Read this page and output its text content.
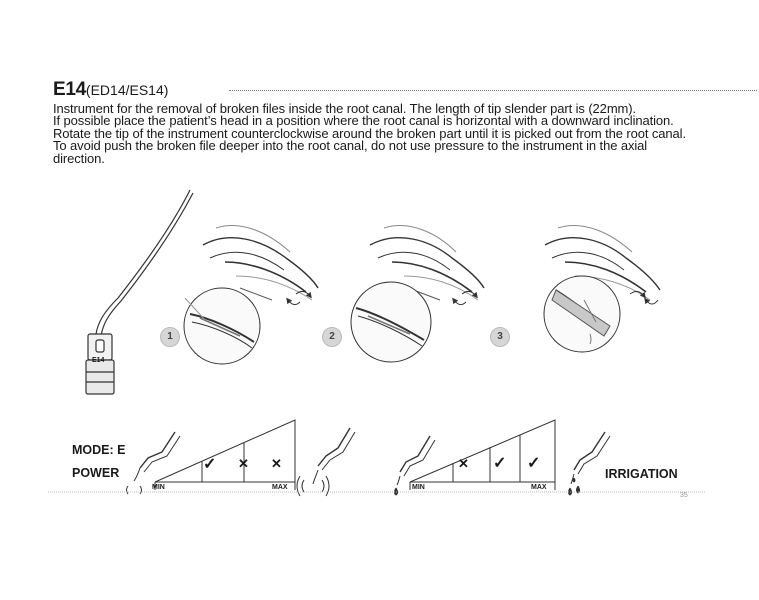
E14(ED14/ES14)

Instrument for the removal of broken files inside the root canal. The length of tip slender part is (22mm).

If possible place the patient’s head in a position where the root canal is horizontal with a downward inclination. Rotate the tip of the instrument counterclockwise around the broken part until it is picked out from the root canal.

To avoid push the broken file deeper into the root canal, do not use pressure to the instrument in the axial direction.

1	2	3
E14
MODE: E
POWER	IRRIGATION
MIN	MAX
✓ ✕ ✕
MIN	MAX
✕ ✓ ✓
35
